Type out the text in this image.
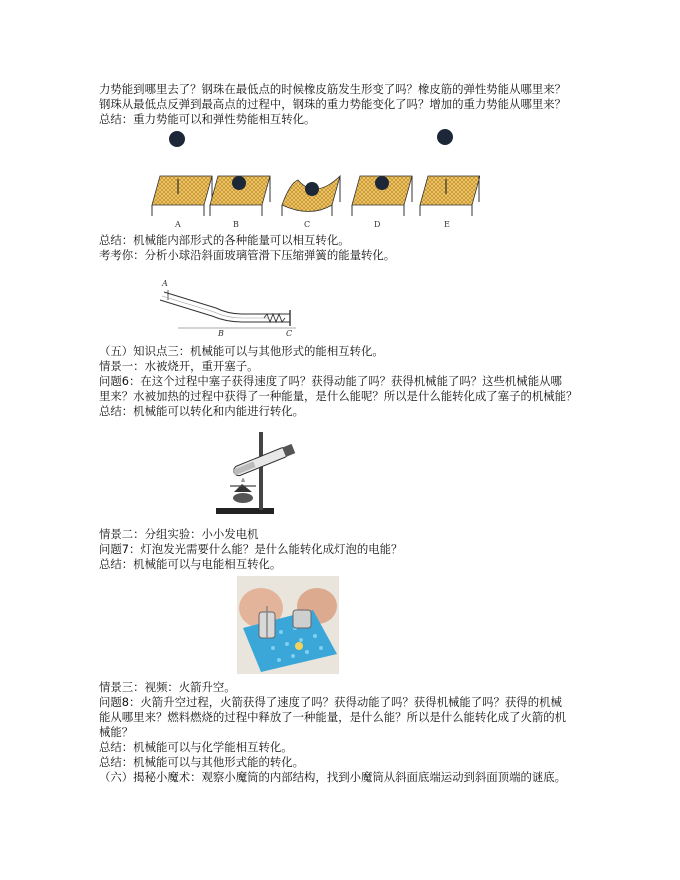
力势能到哪里去了？钢珠在最低点的时候橡皮筋发生形变了吗？橡皮筋的弹性势能从哪里来？
钢珠从最低点反弹到最高点的过程中，钢珠的重力势能变化了吗？增加的重力势能从哪里来？
总结：重力势能可以和弹性势能相互转化。
A	B	C	D	E
总结：机械能内部形式的各种能量可以相互转化。
考考你：分析小球沿斜面玻璃管滑下压缩弹簧的能量转化。
A
B	C
（五）知识点三：机械能可以与其他形式的能相互转化。
情景一：水被烧开，重开塞子。
问题6：在这个过程中塞子获得速度了吗？获得动能了吗？获得机械能了吗？这些机械能从哪
里来？水被加热的过程中获得了一种能量，是什么能呢？所以是什么能转化成了塞子的机械能？
总结：机械能可以转化和内能进行转化。
情景二：分组实验：小小发电机
问题7：灯泡发光需要什么能？是什么能转化成灯泡的电能？
总结：机械能可以与电能相互转化。
情景三：视频：火箭升空。
问题8：火箭升空过程，火箭获得了速度了吗？获得动能了吗？获得机械能了吗？获得的机械
能从哪里来？燃料燃烧的过程中释放了一种能量，是什么能？所以是什么能转化成了火箭的机
械能？
总结：机械能可以与化学能相互转化。
总结：机械能可以与其他形式能的转化。
（六）揭秘小魔术：观察小魔筒的内部结构，找到小魔筒从斜面底端运动到斜面顶端的谜底。
